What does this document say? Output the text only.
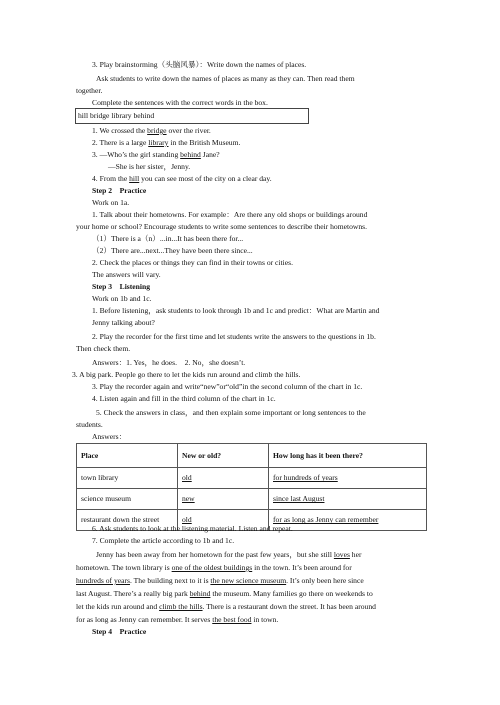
3. Play brainstorming（头脑风暴）：Write down the names of places.
Ask students to write down the names of places as many as they can. Then read them
together.
Complete the sentences with the correct words in the box.
hill bridge library behind
1. We crossed the bridge over the river.
2. There is a large library in the British Museum.
3. —Who’s the girl standing behind Jane?
—She is her sister，Jenny.
4. From the hill you can see most of the city on a clear day.
Step 2　Practice
Work on 1a.
1. Talk about their hometowns. For example：Are there any old shops or buildings around
your home or school? Encourage students to write some sentences to describe their hometowns.
（1）There is a（n）...in...It has been there for...
（2）There are...next...They have been there since...
2. Check the places or things they can find in their towns or cities.
The answers will vary.
Step 3　Listening
Work on 1b and 1c.
1. Before listening，ask students to look through 1b and 1c and predict：What are Martin and
Jenny talking about?
2. Play the recorder for the first time and let students write the answers to the questions in 1b.
Then check them.
Answers：1. Yes，he does.　2. No，she doesn’t.
3. A big park. People go there to let the kids run around and climb the hills.
3. Play the recorder again and write“new”or“old”in the second column of the chart in 1c.
4. Listen again and fill in the third column of the chart in 1c.
5. Check the answers in class，and then explain some important or long sentences to the
students.
Answers：
Place	New or old?	How long has it been there?
town library	old	for hundreds of years
science museum	new	since last August
restaurant down the street	old	for as long as Jenny can remember
6. Ask students to look at the listening material. Listen and repeat.
7. Complete the article according to 1b and 1c.
Jenny has been away from her hometown for the past few years，but she still loves her
hometown. The town library is one of the oldest buildings in the town. It’s been around for
hundreds of years. The building next to it is the new science museum. It’s only been here since
last August. There’s a really big park behind the museum. Many families go there on weekends to
let the kids run around and climb the hills. There is a restaurant down the street. It has been around
for as long as Jenny can remember. It serves the best food in town.
Step 4　Practice
